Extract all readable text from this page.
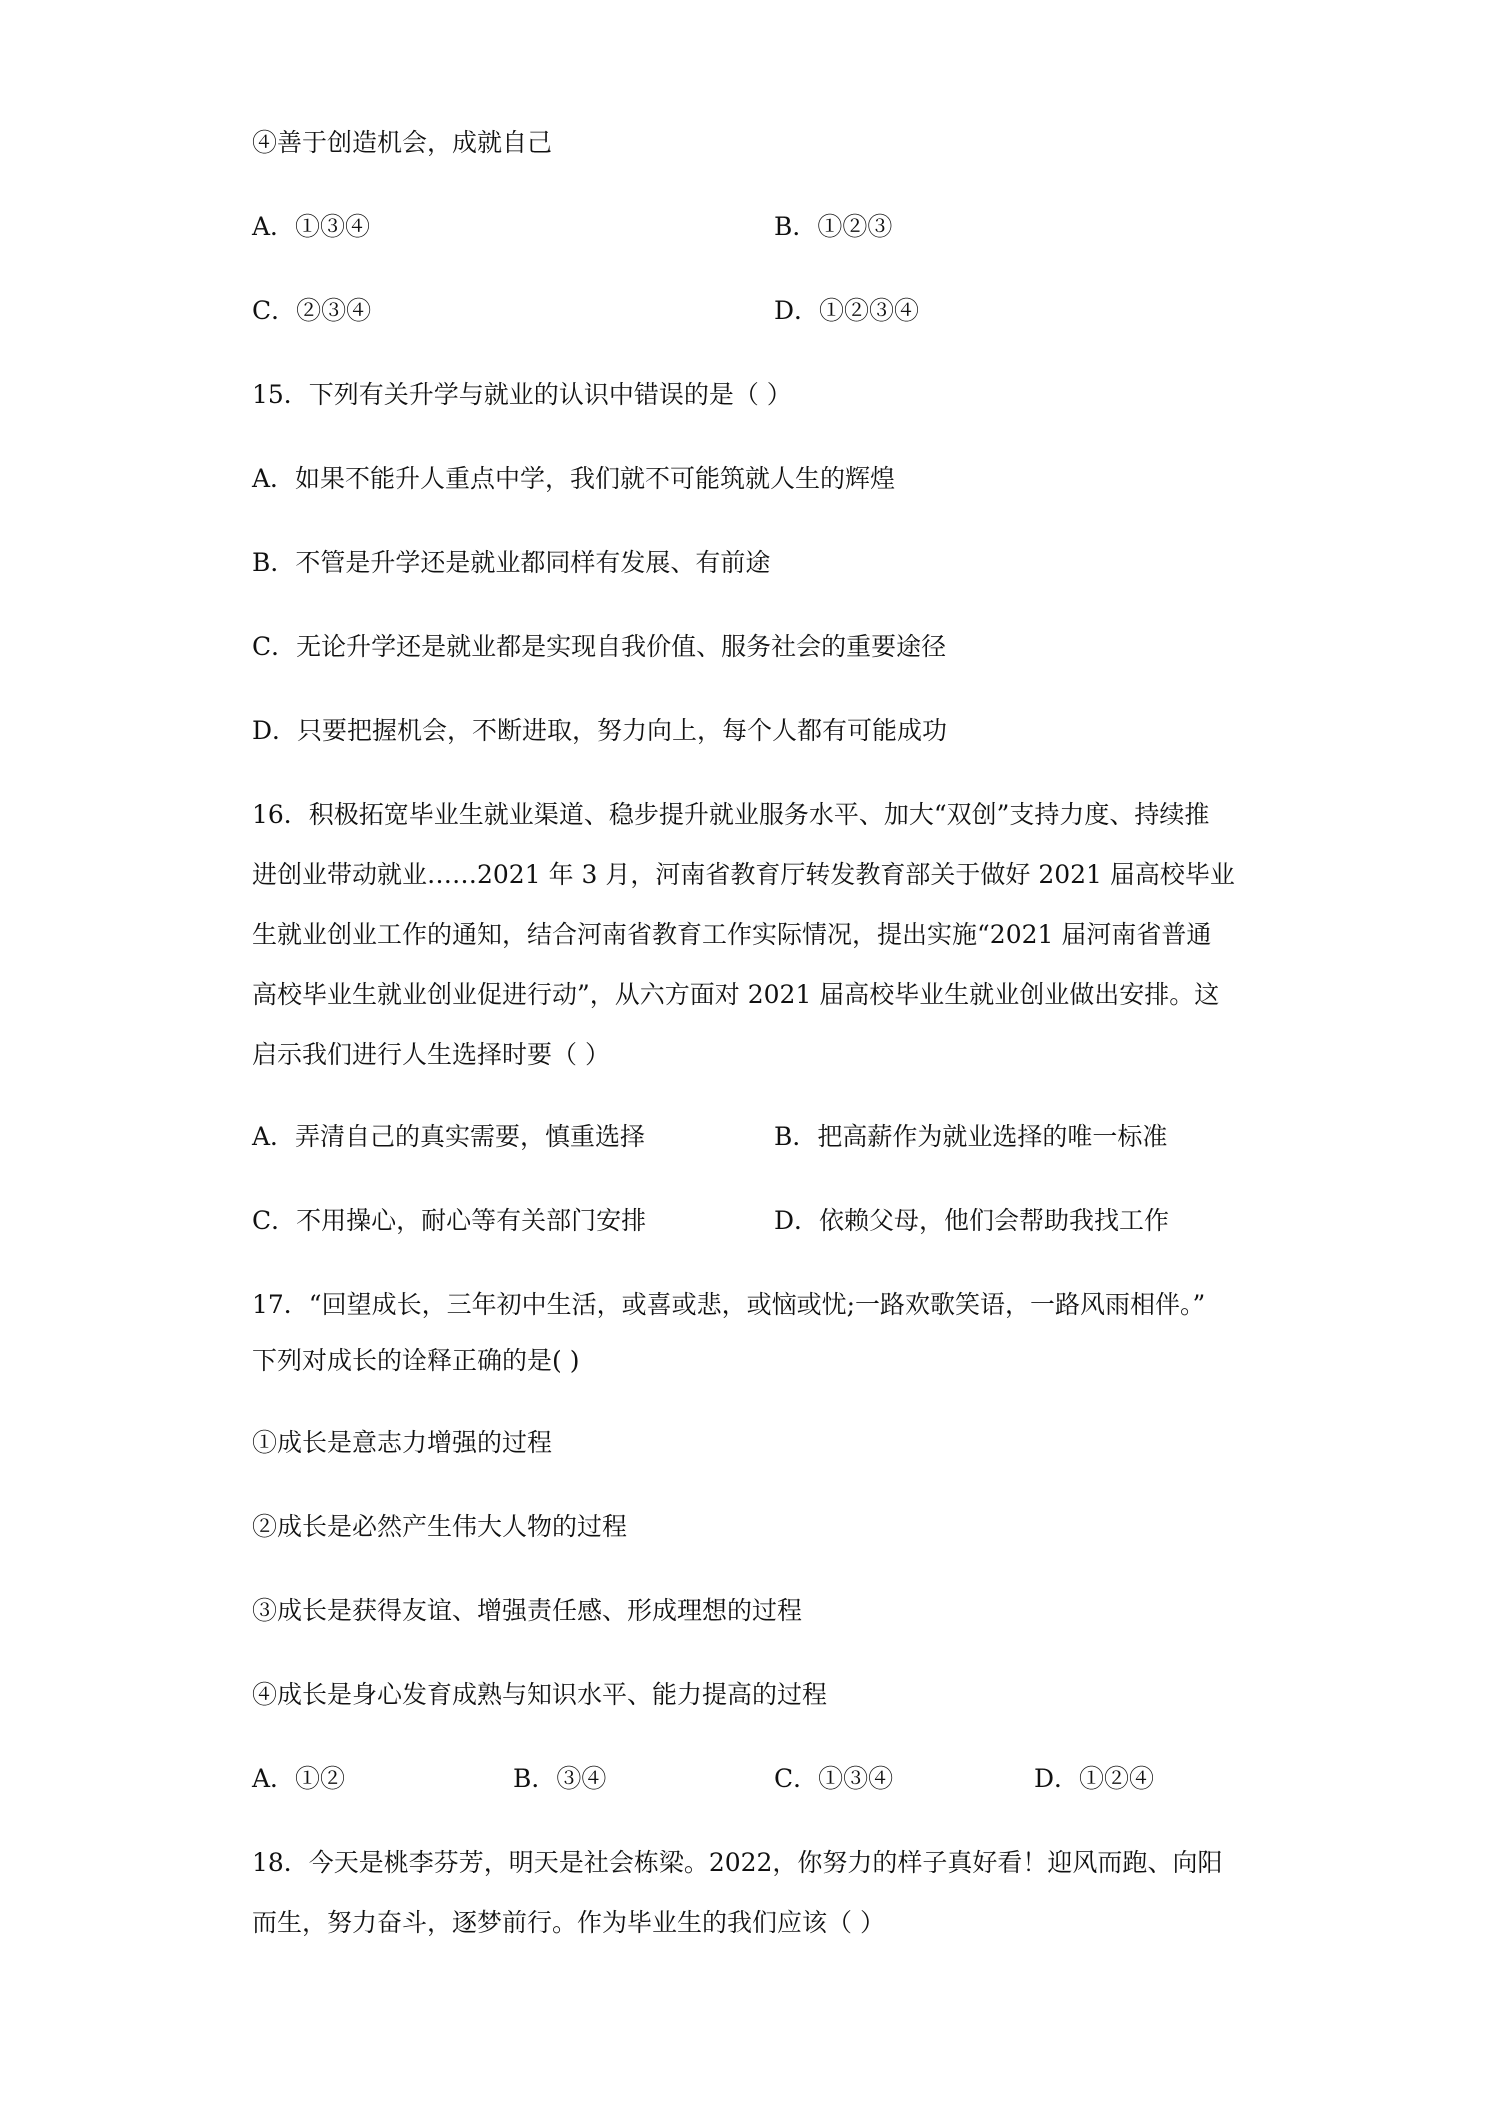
④善于创造机会，成就自己
A．①③④	B．①②③
C．②③④	D．①②③④
15．下列有关升学与就业的认识中错误的是（ ）
A．如果不能升人重点中学，我们就不可能筑就人生的辉煌
B．不管是升学还是就业都同样有发展、有前途
C．无论升学还是就业都是实现自我价值、服务社会的重要途径
D．只要把握机会，不断进取，努力向上，每个人都有可能成功
16．积极拓宽毕业生就业渠道、稳步提升就业服务水平、加大“双创”支持力度、持续推
进创业带动就业……2021 年 3 月，河南省教育厅转发教育部关于做好 2021 届高校毕业
生就业创业工作的通知，结合河南省教育工作实际情况，提出实施“2021 届河南省普通
高校毕业生就业创业促进行动”，从六方面对 2021 届高校毕业生就业创业做出安排。这
启示我们进行人生选择时要（ ）
A．弄清自己的真实需要，慎重选择	B．把高薪作为就业选择的唯一标准
C．不用操心，耐心等有关部门安排	D．依赖父母，他们会帮助我找工作
17．“回望成长，三年初中生活，或喜或悲，或恼或忧;一路欢歌笑语，一路风雨相伴。”
下列对成长的诠释正确的是( )
①成长是意志力增强的过程
②成长是必然产生伟大人物的过程
③成长是获得友谊、增强责任感、形成理想的过程
④成长是身心发育成熟与知识水平、能力提高的过程
A．①②	B．③④	C．①③④	D．①②④
18．今天是桃李芬芳，明天是社会栋梁。2022，你努力的样子真好看！迎风而跑、向阳
而生，努力奋斗，逐梦前行。作为毕业生的我们应该（ ）
